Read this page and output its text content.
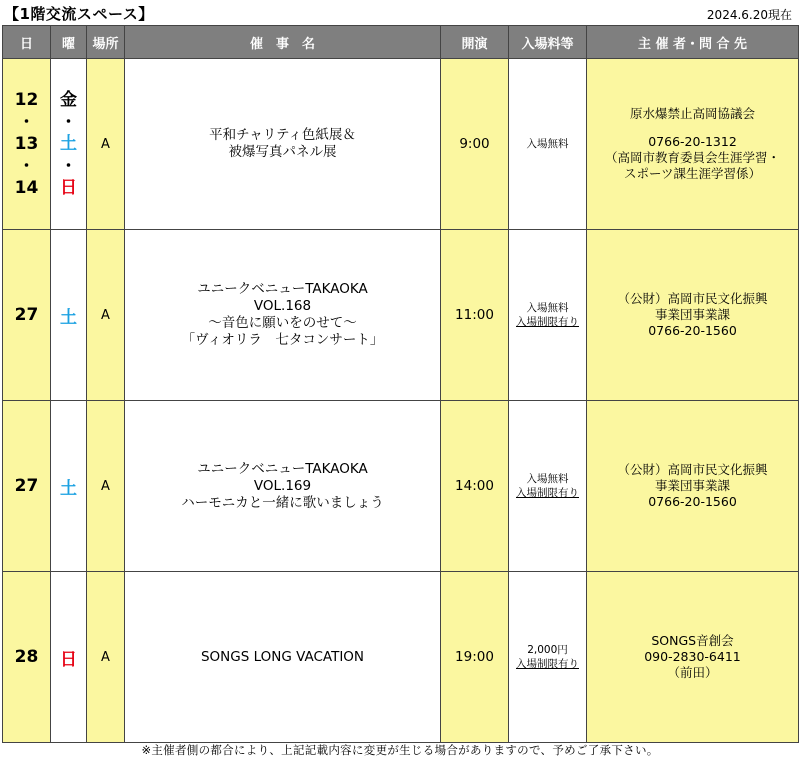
【1階交流スペース】	2024.6.20現在
日	曜	場所	催　事　名	開演	入場料等	主 催 者・問 合 先

12
・
13
・
14	金
・
土
・
日	A	平和チャリティ色紙展＆
被爆写真パネル展	9:00	入場無料	原水爆禁止高岡協議会
0766-20-1312
（高岡市教育委員会生涯学習・
スポーツ課生涯学習係）

27	土	A	ユニークベニューTAKAOKA
VOL.168
～音色に願いをのせて～
「ヴィオリラ　七タコンサート」	11:00	入場無料
入場制限有り	（公財）高岡市民文化振興
事業団事業課
0766-20-1560

27	土	A	ユニークベニューTAKAOKA
VOL.169
ハーモニカと一緒に歌いましょう	14:00	入場無料
入場制限有り	（公財）高岡市民文化振興
事業団事業課
0766-20-1560

28	日	A	SONGS LONG VACATION	19:00	2,000円
入場制限有り	SONGS音創会
090-2830-6411
（前田）
※主催者側の都合により、上記記載内容に変更が生じる場合がありますので、予めご了承下さい。
